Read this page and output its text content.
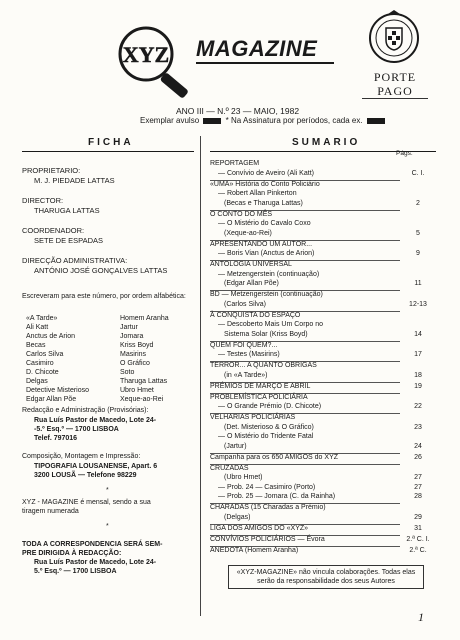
XYZ MAGAZINE
PORTE
PAGO
ANO III — N.º 23 — MAIO, 1982
Exemplar avulso	* Na Assinatura por períodos, cada ex.
FICHA	SUMARIO
PROPRIETARIO:
M. J. PIEDADE LATTAS
DIRECTOR:
THARUGA LATTAS
COORDENADOR:
SETE DE ESPADAS
DIRECÇÃO ADMINISTRATIVA:
ANTÓNIO JOSÉ GONÇALVES LATTAS
Escreveram para este número, por ordem alfabética:
«A Tarde»
Ali Katt
Anctus de Arion
Becas
Carlos Silva
Casimiro
D. Chicote
Delgas
Detective Misterioso
Edgar Allan Põe
Homem Aranha
Jartur
Jomara
Kriss Boyd
Masirins
O Gráfico
Soto
Tharuga Lattas
Ubro Hmet
Xeque-ao-Rei
Redacção e Administração (Provisórias):
Rua Luís Pastor de Macedo, Lote 24-
-5.º Esq.º — 1700 LISBOA
Telef. 797016
Composição, Montagem e Impressão:
TIPOGRAFIA LOUSANENSE, Apart. 6
3200 LOUSÃ — Telefone 98229
*
XYZ - MAGAZINE é mensal, sendo a sua
tiragem numerada
*
TODA A CORRESPONDENCIA SERÁ SEM-
PRE DIRIGIDA À REDACÇÃO:
Rua Luís Pastor de Macedo, Lote 24-
5.º Esq.º — 1700 LISBOA
Págs.
REPORTAGEM
— Convívio de Aveiro (Ali Katt)	C. I.
«UMA» História do Conto Policiário
— Robert Allan Pinkerton
(Becas e Tharuga Lattas)	2
O CONTO DO MÊS
— O Mistério do Cavalo Coxo
(Xeque-ao-Rei)	5
APRESENTANDO UM AUTOR...
— Boris Vian (Anctus de Arion)	9
ANTOLOGIA UNIVERSAL
— Metzengerstein (continuação)
(Edgar Allan Põe)	11
BD — Metzengerstein (continuação)
(Carlos Silva)	12-13
À CONQUISTA DO ESPAÇO
— Descoberto Mais Um Corpo no
Sistema Solar (Kriss Boyd)	14
QUEM FOI QUEM?...
— Testes (Masirins)	17
TERROR... A QUANTO OBRIGAS
(in «A Tarde»)	18
PRÉMIOS DE MARÇO E ABRIL	19
PROBLEMÍSTICA POLICIÁRIA
— O Grande Prémio (D. Chicote)	22
VELHARIAS POLICIÁRIAS
(Det. Misterioso & O Gráfico)	23
— O Mistério do Tridente Fatal
(Jartur)	24
Campanha para os 650 AMIGOS do XYZ	26
CRUZADAS
(Ubro Hmet)	27
— Prob. 24 — Casimiro (Porto)	27
— Prob. 25 — Jomara (C. da Rainha)	28
CHARADAS (15 Charadas a Prémio)
(Delgas)	29
LIGA DOS AMIGOS DO «XYZ»	31
CONVÍVIOS POLICIÁRIOS — Évora	2.ª C. I.
ANEDOTA (Homem Aranha)	2.ª C.
«XYZ-MAGAZINE» não vincula colaborações. Todas elas serão da responsabilidade dos seus Autores
1
